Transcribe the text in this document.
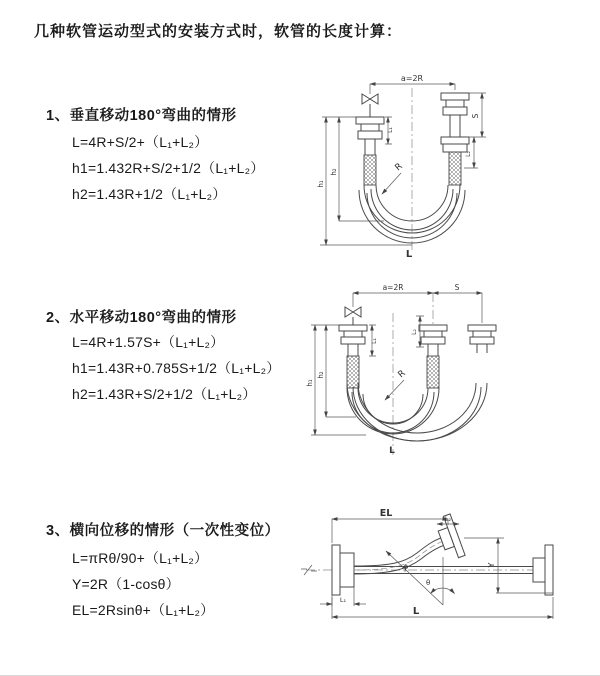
几种软管运动型式的安装方式时，软管的长度计算：
1、垂直移动180°弯曲的情形
L=4R+S/2+（L₁+L₂）
h1=1.432R+S/2+1/2（L₁+L₂）
h2=1.43R+1/2（L₁+L₂）
2、水平移动180°弯曲的情形
L=4R+1.57S+（L₁+L₂）
h1=1.43R+0.785S+1/2（L₁+L₂）
h2=1.43R+S/2+1/2（L₁+L₂）
3、横向位移的情形（一次性变位）
L=πRθ/90+（L₁+L₂）
Y=2R（1-cosθ）
EL=2Rsinθ+（L₁+L₂）
a=2R
R
h₁
h₂
L₁
S
L₂
L
a=2R	S
R
h₁
h₂
L₁
L₂
L
EL	L₂
Y
R
θ
L
L₁
